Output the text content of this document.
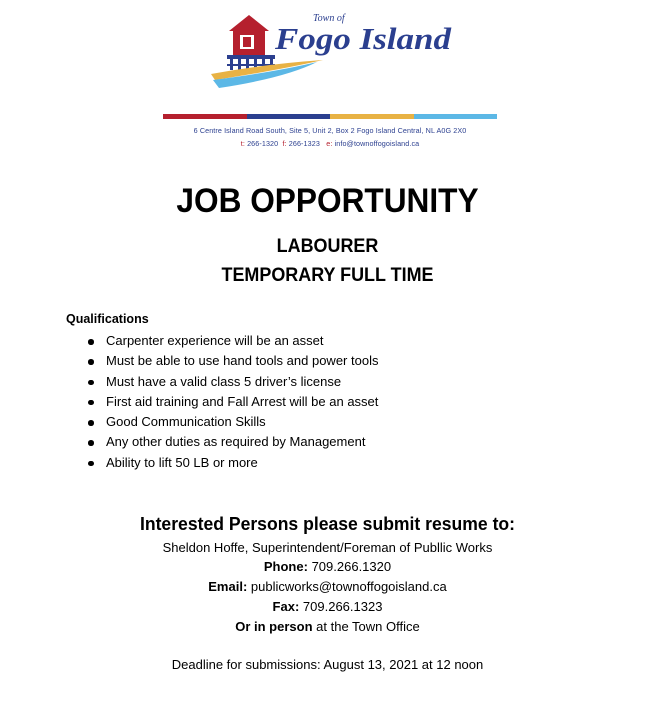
Town of
Fogo Island
6 Centre Island Road South, Site 5, Unit 2, Box 2 Fogo Island Central, NL A0G 2X0
t: 266-1320 f: 266-1323 e: info@townoffogoisland.ca
JOB OPPORTUNITY
LABOURER
TEMPORARY FULL TIME
Qualifications
Carpenter experience will be an asset
Must be able to use hand tools and power tools
Must have a valid class 5 driver’s license
First aid training and Fall Arrest will be an asset
Good Communication Skills
Any other duties as required by Management
Ability to lift 50 LB or more
Interested Persons please submit resume to:
Sheldon Hoffe, Superintendent/Foreman of Publlic Works
Phone: 709.266.1320
Email: publicworks@townoffogoisland.ca
Fax: 709.266.1323
Or in person at the Town Office
Deadline for submissions: August 13, 2021 at 12 noon
